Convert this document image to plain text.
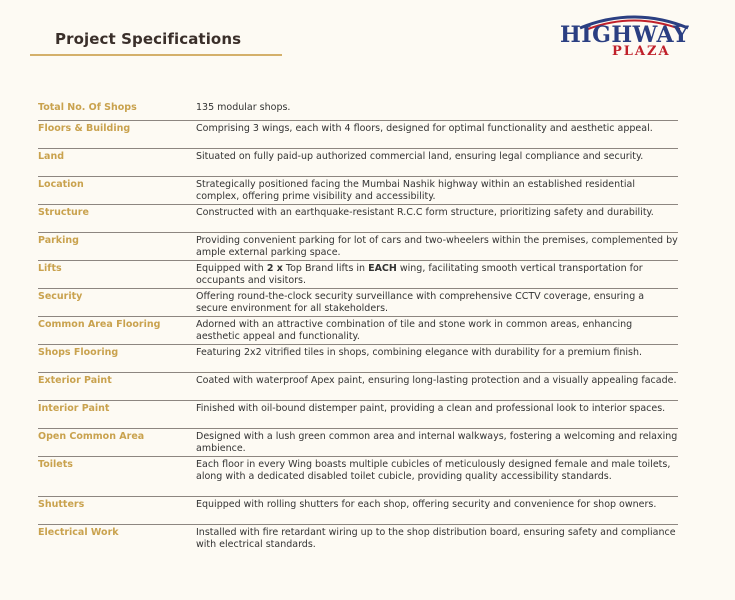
Project Specifications	HIGHWAY
PLAZA
Total No. Of Shops	135 modular shops.
Floors & Building	Comprising 3 wings, each with 4 floors, designed for optimal functionality and aesthetic appeal.
Land	Situated on fully paid-up authorized commercial land, ensuring legal compliance and security.
Location	Strategically positioned facing the Mumbai Nashik highway within an established residential complex, offering prime visibility and accessibility.
Structure	Constructed with an earthquake-resistant R.C.C form structure, prioritizing safety and durability.
Parking	Providing convenient parking for lot of cars and two-wheelers within the premises, complemented by ample external parking space.
Lifts	Equipped with 2 x Top Brand lifts in EACH wing, facilitating smooth vertical transportation for occupants and visitors.
Security	Offering round-the-clock security surveillance with comprehensive CCTV coverage, ensuring a secure environment for all stakeholders.
Common Area Flooring	Adorned with an attractive combination of tile and stone work in common areas, enhancing aesthetic appeal and functionality.
Shops Flooring	Featuring 2x2 vitrified tiles in shops, combining elegance with durability for a premium finish.
Exterior Paint	Coated with waterproof Apex paint, ensuring long-lasting protection and a visually appealing facade.
Interior Paint	Finished with oil-bound distemper paint, providing a clean and professional look to interior spaces.
Open Common Area	Designed with a lush green common area and internal walkways, fostering a welcoming and relaxing ambience.
Toilets	Each floor in every Wing boasts multiple cubicles of meticulously designed female and male toilets, along with a dedicated disabled toilet cubicle, providing quality accessibility standards.
Shutters	Equipped with rolling shutters for each shop, offering security and convenience for shop owners.
Electrical Work	Installed with fire retardant wiring up to the shop distribution board, ensuring safety and compliance with electrical standards.
